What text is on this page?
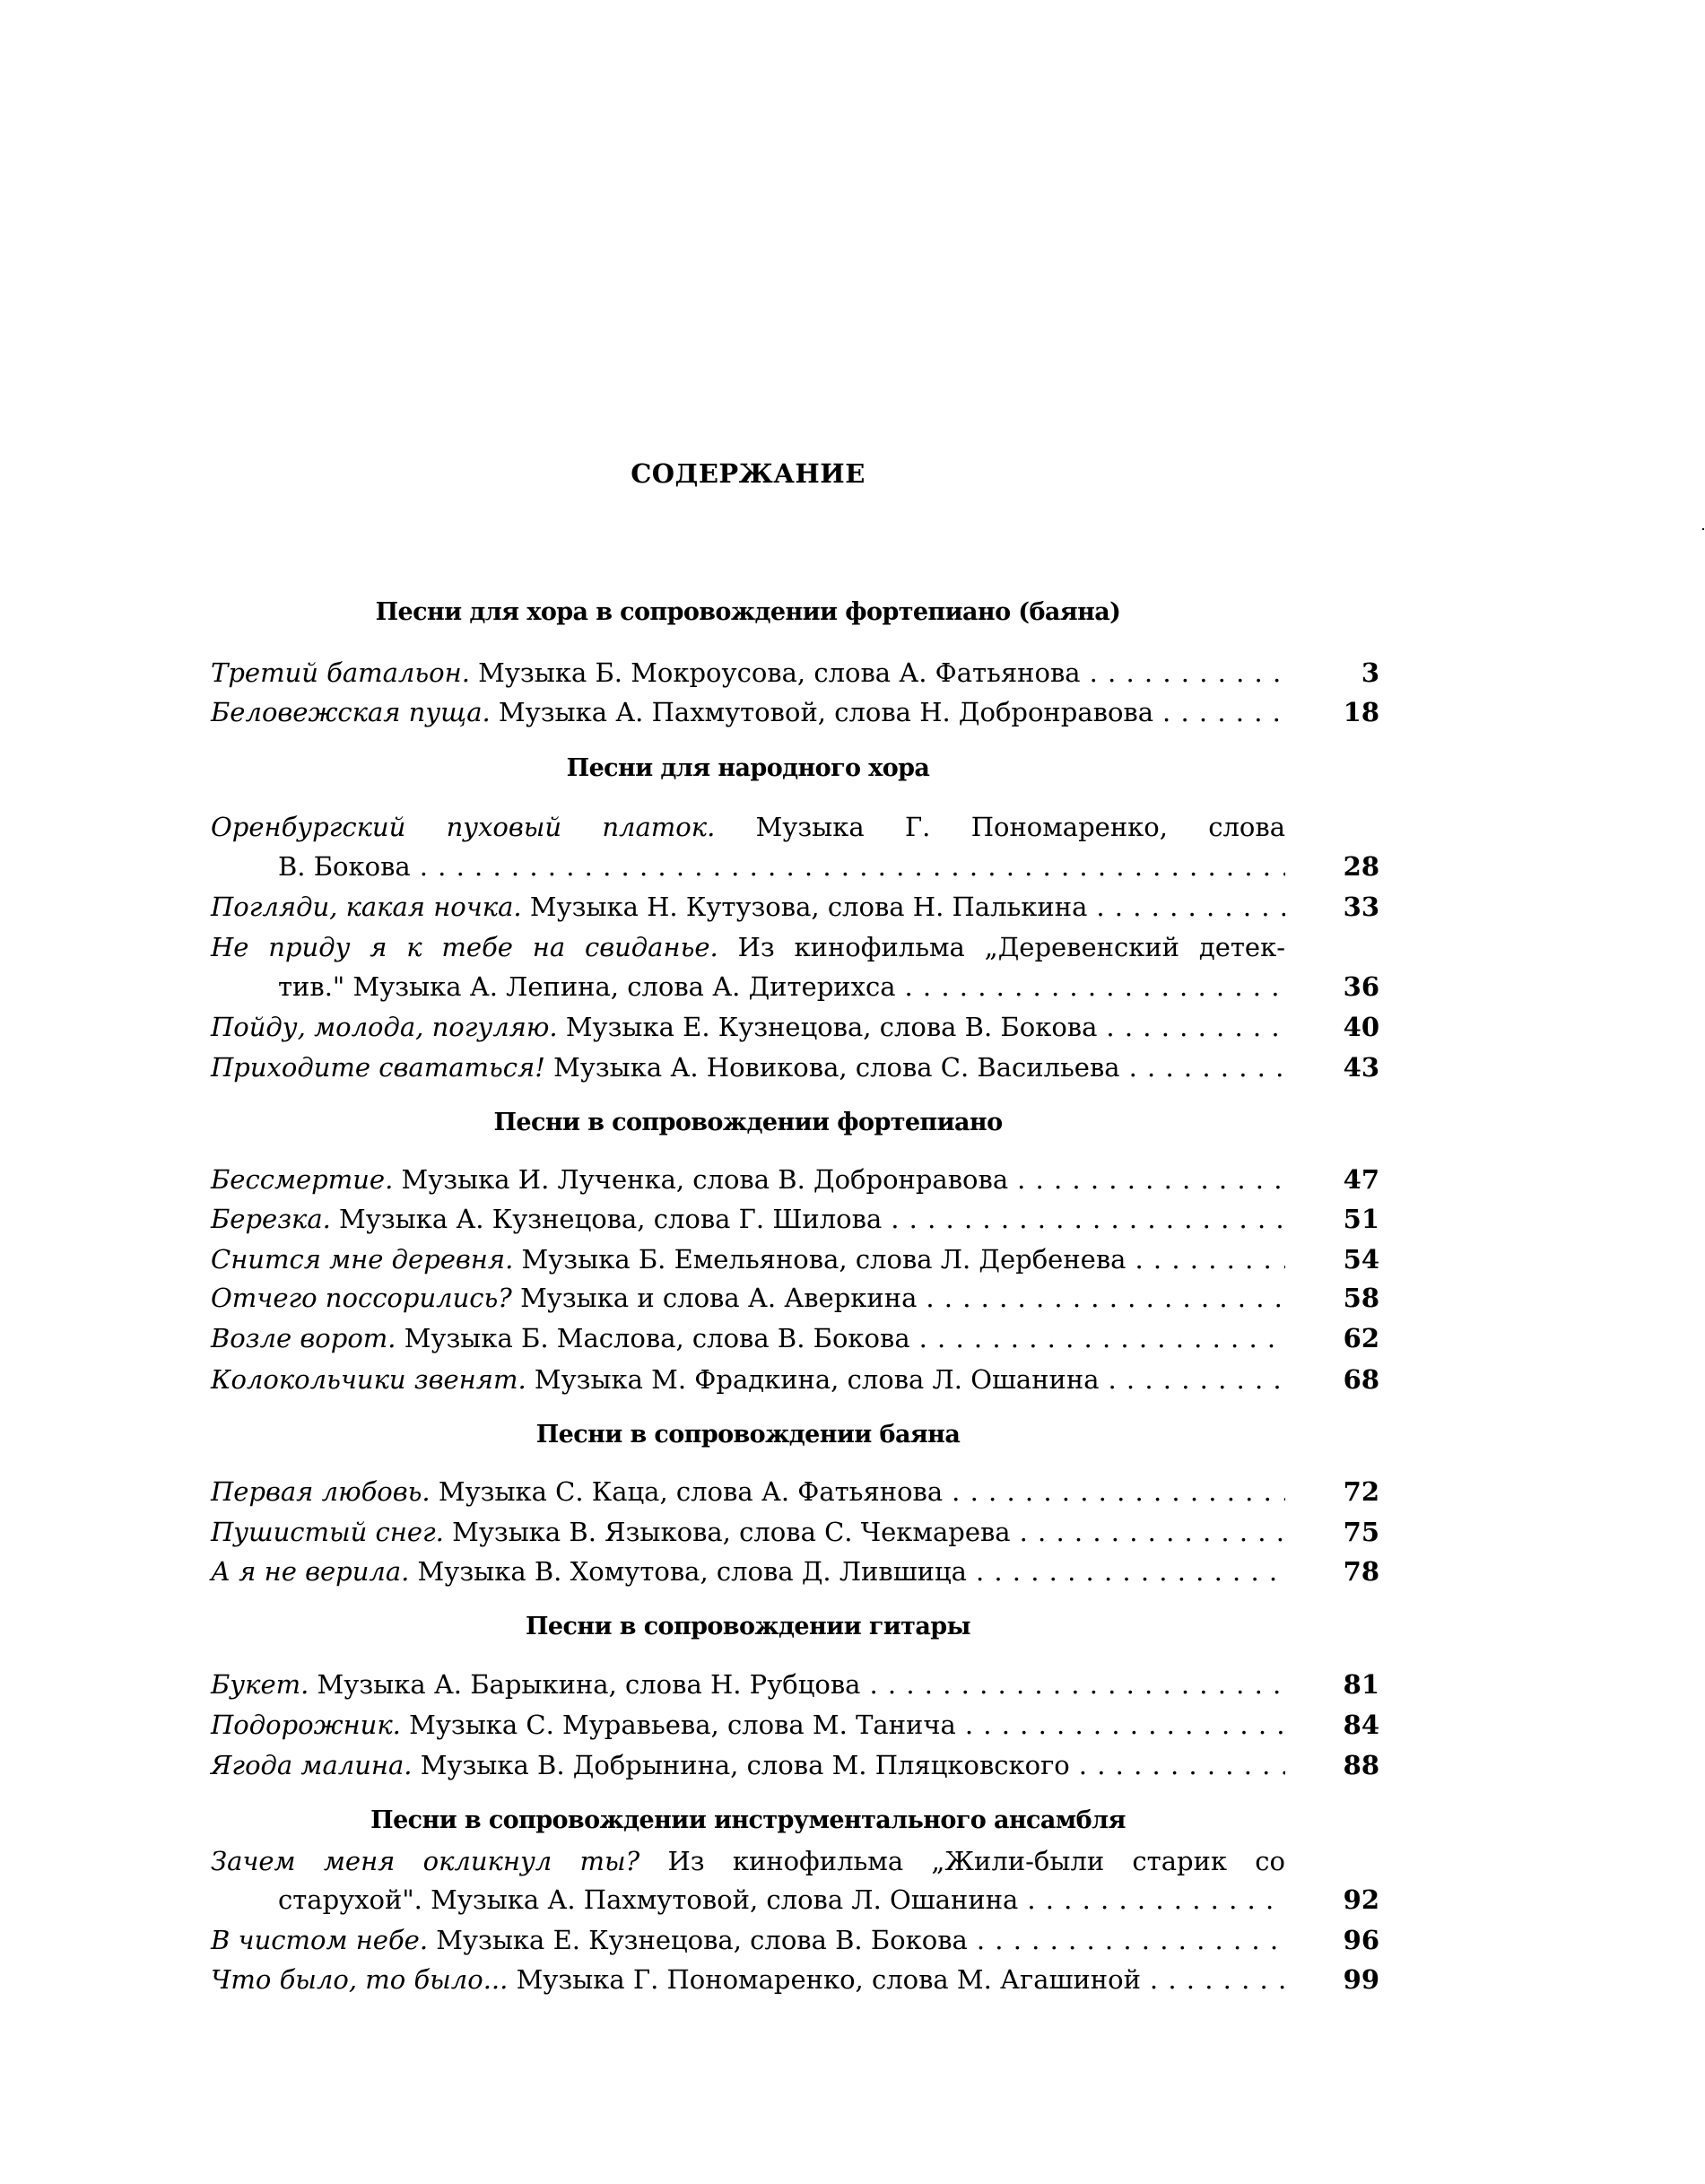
СОДЕРЖАНИЕ
Песни для хора в сопровождении фортепиано (баяна)
Третий батальон. Музыка Б. Мокроусова, слова А. Фатьянова . . .	3
Беловежская пуща. Музыка А. Пахмутовой, слова Н. Добронравова . . .	18
Песни для народного хора
Оренбургский пуховый платок. Музыка Г. Пономаренко, слова
В. Бокова . . .	28
Погляди, какая ночка. Музыка Н. Кутузова, слова Н. Палькина . . .	33
Не приду я к тебе на свиданье. Из кинофильма „Деревенский детек-
тив." Музыка А. Лепина, слова А. Дитерихса . . .	36
Пойду, молода, погуляю. Музыка Е. Кузнецова, слова В. Бокова . . .	40
Приходите свататься! Музыка А. Новикова, слова С. Васильева . . .	43
Песни в сопровождении фортепиано
Бессмертие. Музыка И. Лученка, слова В. Добронравова . . .	47
Березка. Музыка А. Кузнецова, слова Г. Шилова . . .	51
Снится мне деревня. Музыка Б. Емельянова, слова Л. Дербенева . . .	54
Отчего поссорились? Музыка и слова А. Аверкина . . .	58
Возле ворот. Музыка Б. Маслова, слова В. Бокова . . .	62
Колокольчики звенят. Музыка М. Фрадкина, слова Л. Ошанина . . .	68
Песни в сопровождении баяна
Первая любовь. Музыка С. Каца, слова А. Фатьянова . . .	72
Пушистый снег. Музыка В. Языкова, слова С. Чекмарева . . .	75
А я не верила. Музыка В. Хомутова, слова Д. Лившица . . .	78
Песни в сопровождении гитары
Букет. Музыка А. Барыкина, слова Н. Рубцова . . .	81
Подорожник. Музыка С. Муравьева, слова М. Танича . . .	84
Ягода малина. Музыка В. Добрынина, слова М. Пляцковского . . .	88
Песни в сопровождении инструментального ансамбля
Зачем меня окликнул ты? Из кинофильма „Жили-были старик со
старухой". Музыка А. Пахмутовой, слова Л. Ошанина . . .	92
В чистом небе. Музыка Е. Кузнецова, слова В. Бокова . . .	96
Что было, то было... Музыка Г. Пономаренко, слова М. Агашиной . . .	99
